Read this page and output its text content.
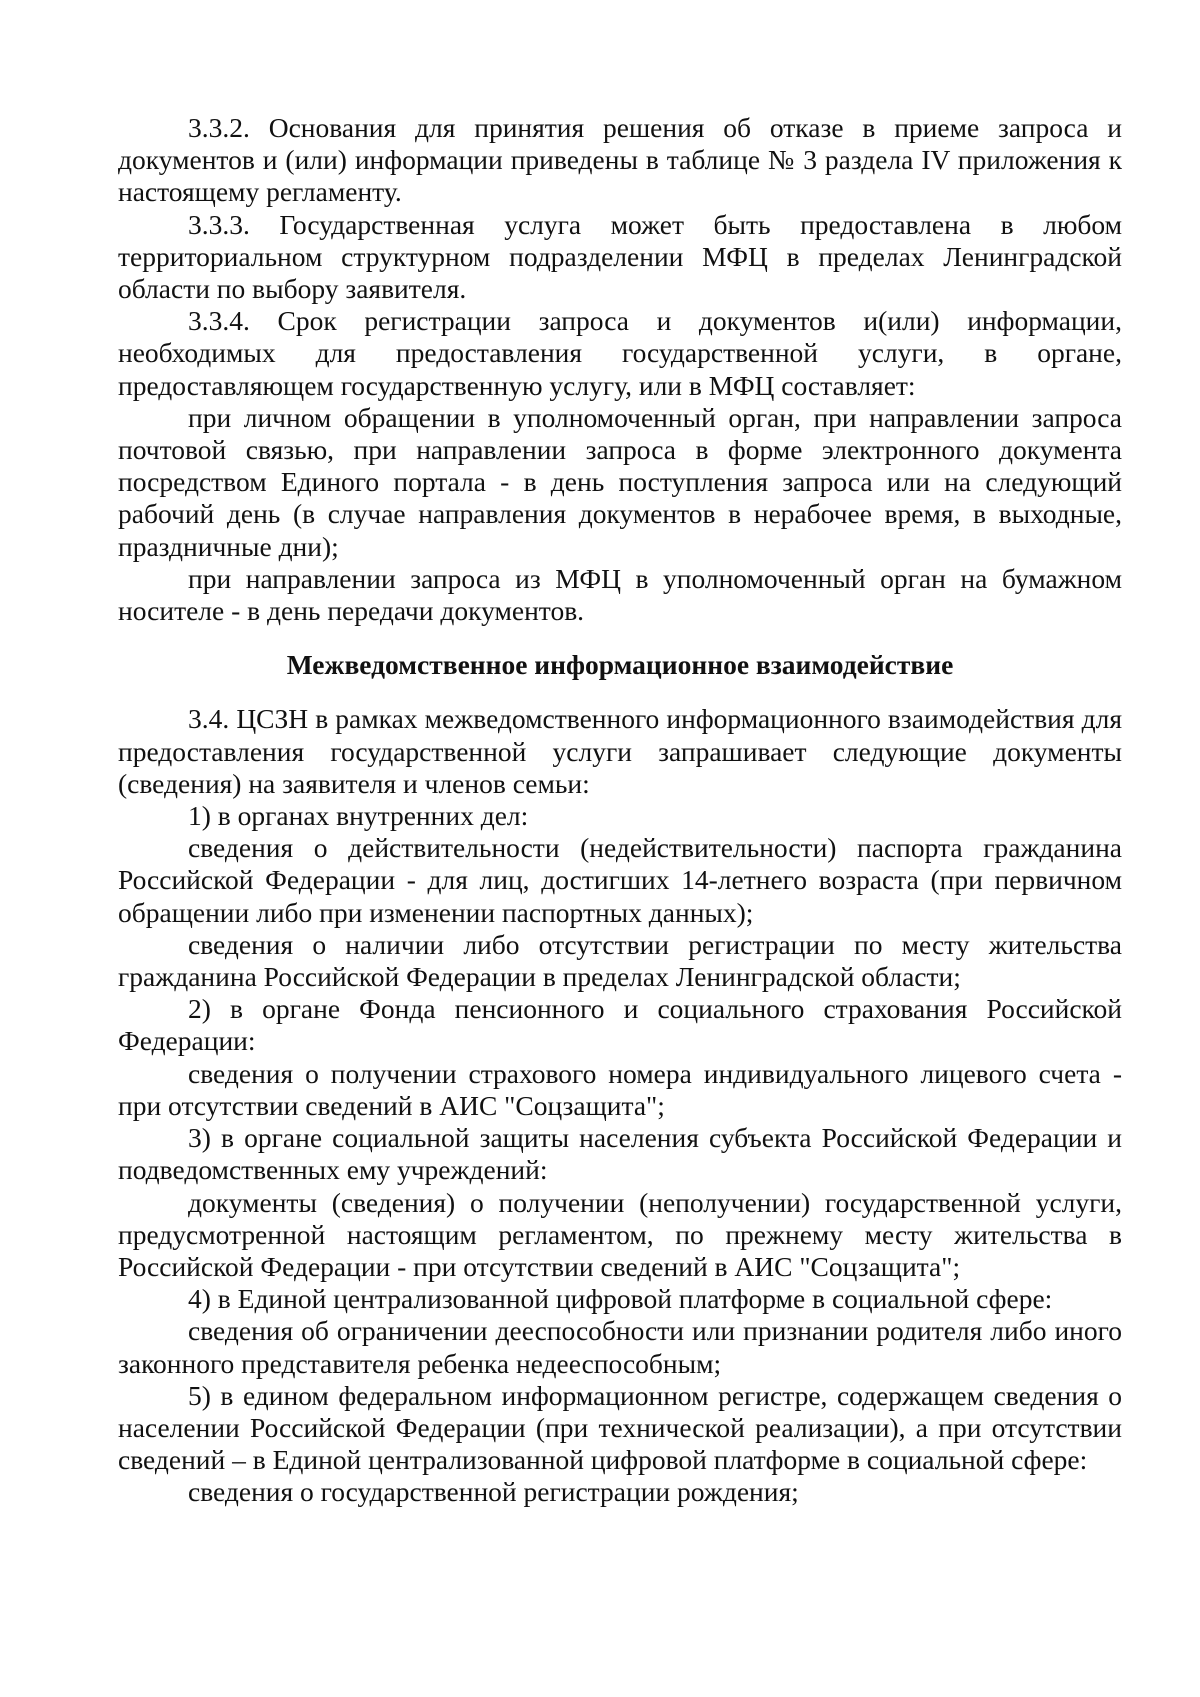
3.3.2. Основания для принятия решения об отказе в приеме запроса и документов и (или) информации приведены в таблице № 3 раздела IV приложения к настоящему регламенту.

3.3.3. Государственная услуга может быть предоставлена в любом территориальном структурном подразделении МФЦ в пределах Ленинградской области по выбору заявителя.

3.3.4. Срок регистрации запроса и документов и(или) информации, необходимых для предоставления государственной услуги, в органе, предоставляющем государственную услугу, или в МФЦ составляет:

при личном обращении в уполномоченный орган, при направлении запроса почтовой связью, при направлении запроса в форме электронного документа посредством Единого портала - в день поступления запроса или на следующий рабочий день (в случае направления документов в нерабочее время, в выходные, праздничные дни);

при направлении запроса из МФЦ в уполномоченный орган на бумажном носителе - в день передачи документов.

Межведомственное информационное взаимодействие

3.4. ЦСЗН в рамках межведомственного информационного взаимодействия для предоставления государственной услуги запрашивает следующие документы (сведения) на заявителя и членов семьи:

1) в органах внутренних дел:

сведения о действительности (недействительности) паспорта гражданина Российской Федерации - для лиц, достигших 14-летнего возраста (при первичном обращении либо при изменении паспортных данных);

сведения о наличии либо отсутствии регистрации по месту жительства гражданина Российской Федерации в пределах Ленинградской области;

2) в органе Фонда пенсионного и социального страхования Российской Федерации:

сведения о получении страхового номера индивидуального лицевого счета - при отсутствии сведений в АИС "Соцзащита";

3) в органе социальной защиты населения субъекта Российской Федерации и подведомственных ему учреждений:

документы (сведения) о получении (неполучении) государственной услуги, предусмотренной настоящим регламентом, по прежнему месту жительства в Российской Федерации - при отсутствии сведений в АИС "Соцзащита";

4) в Единой централизованной цифровой платформе в социальной сфере:

сведения об ограничении дееспособности или признании родителя либо иного законного представителя ребенка недееспособным;

5) в едином федеральном информационном регистре, содержащем сведения о населении Российской Федерации (при технической реализации), а при отсутствии сведений – в Единой централизованной цифровой платформе в социальной сфере:

сведения о государственной регистрации рождения;
